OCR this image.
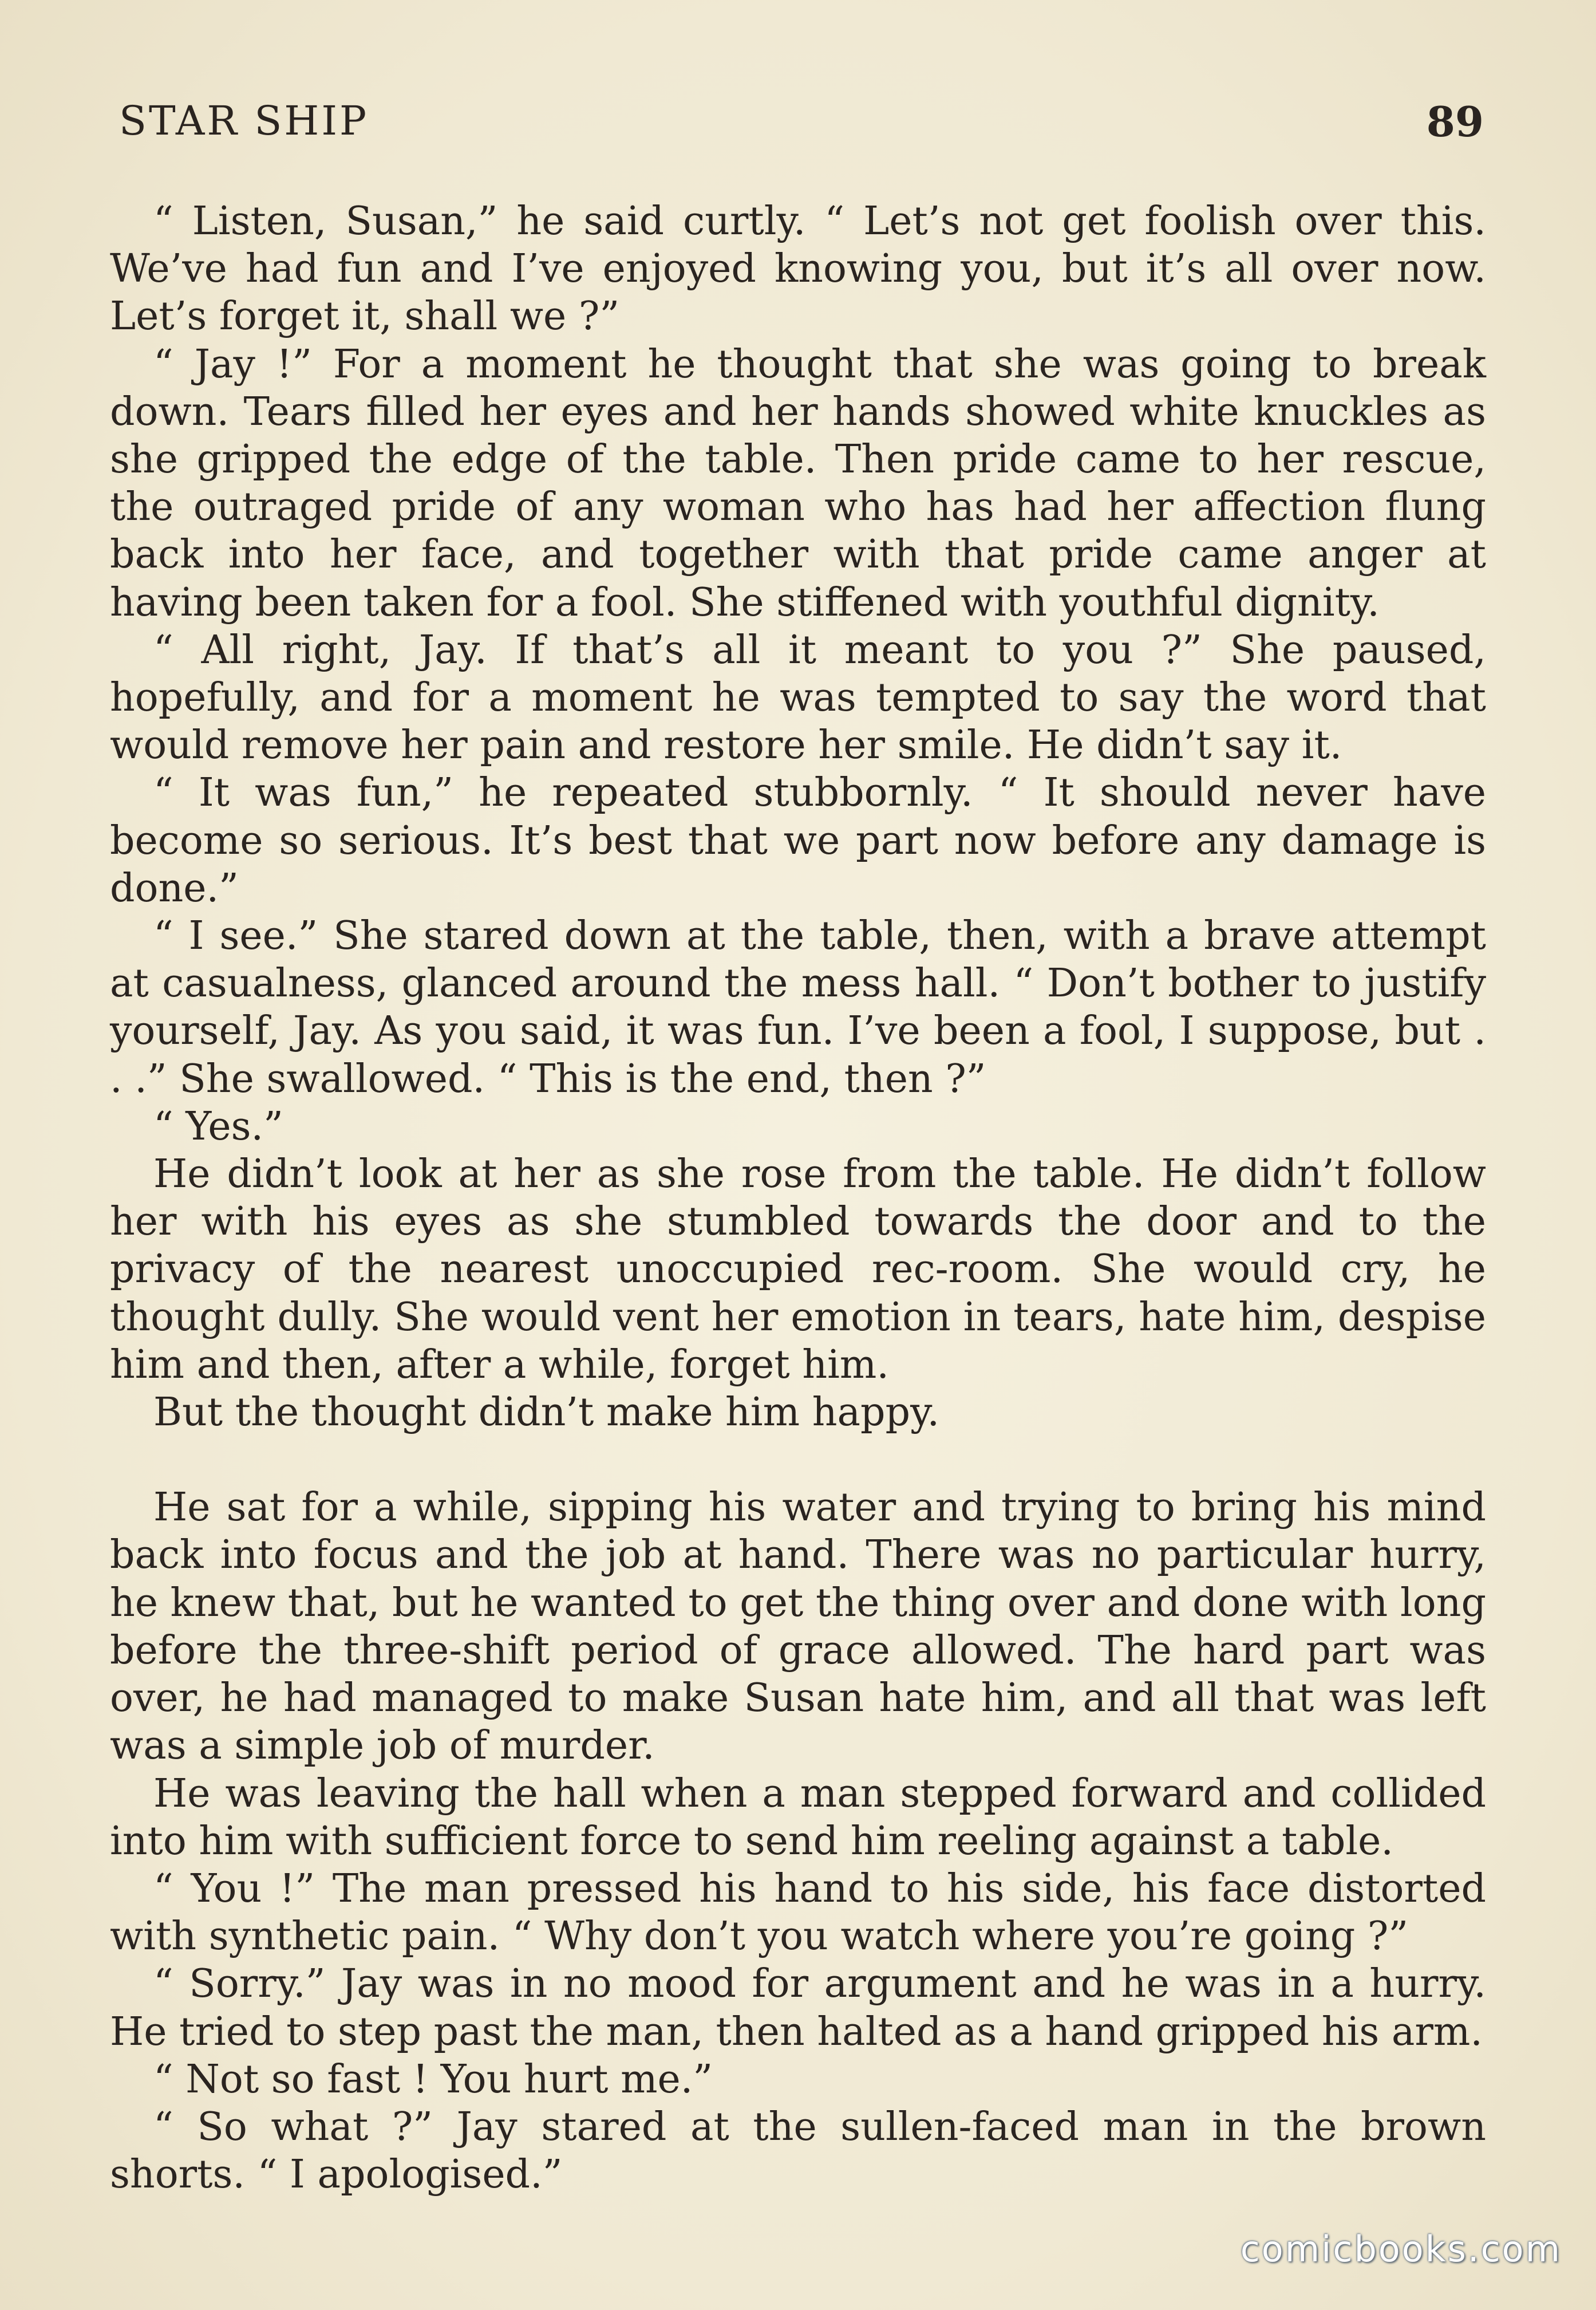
STAR SHIP	89

“ Listen, Susan,” he said curtly. “ Let’s not get foolish over this. We’ve had fun and I’ve enjoyed knowing you, but it’s all over now. Let’s forget it, shall we ?”

“ Jay !” For a moment he thought that she was going to break down. Tears filled her eyes and her hands showed white knuckles as she gripped the edge of the table. Then pride came to her rescue, the outraged pride of any woman who has had her affection flung back into her face, and together with that pride came anger at having been taken for a fool. She stiffened with youthful dignity.

“ All right, Jay. If that’s all it meant to you ?” She paused, hopefully, and for a moment he was tempted to say the word that would remove her pain and restore her smile. He didn’t say it.

“ It was fun,” he repeated stubbornly. “ It should never have become so serious. It’s best that we part now before any damage is done.”

“ I see.” She stared down at the table, then, with a brave attempt at casualness, glanced around the mess hall. “ Don’t bother to justify yourself, Jay. As you said, it was fun. I’ve been a fool, I suppose, but . . .” She swallowed. “ This is the end, then ?”

“ Yes.”

He didn’t look at her as she rose from the table. He didn’t follow her with his eyes as she stumbled towards the door and to the privacy of the nearest unoccupied rec-room. She would cry, he thought dully. She would vent her emotion in tears, hate him, despise him and then, after a while, forget him.

But the thought didn’t make him happy.

He sat for a while, sipping his water and trying to bring his mind back into focus and the job at hand. There was no particular hurry, he knew that, but he wanted to get the thing over and done with long before the three-shift period of grace allowed. The hard part was over, he had managed to make Susan hate him, and all that was left was a simple job of murder.

He was leaving the hall when a man stepped forward and collided into him with sufficient force to send him reeling against a table.

“ You !” The man pressed his hand to his side, his face distorted with synthetic pain. “ Why don’t you watch where you’re going ?”

“ Sorry.” Jay was in no mood for argument and he was in a hurry. He tried to step past the man, then halted as a hand gripped his arm.

“ Not so fast ! You hurt me.”

“ So what ?” Jay stared at the sullen-faced man in the brown shorts. “ I apologised.”

comicbooks.com
